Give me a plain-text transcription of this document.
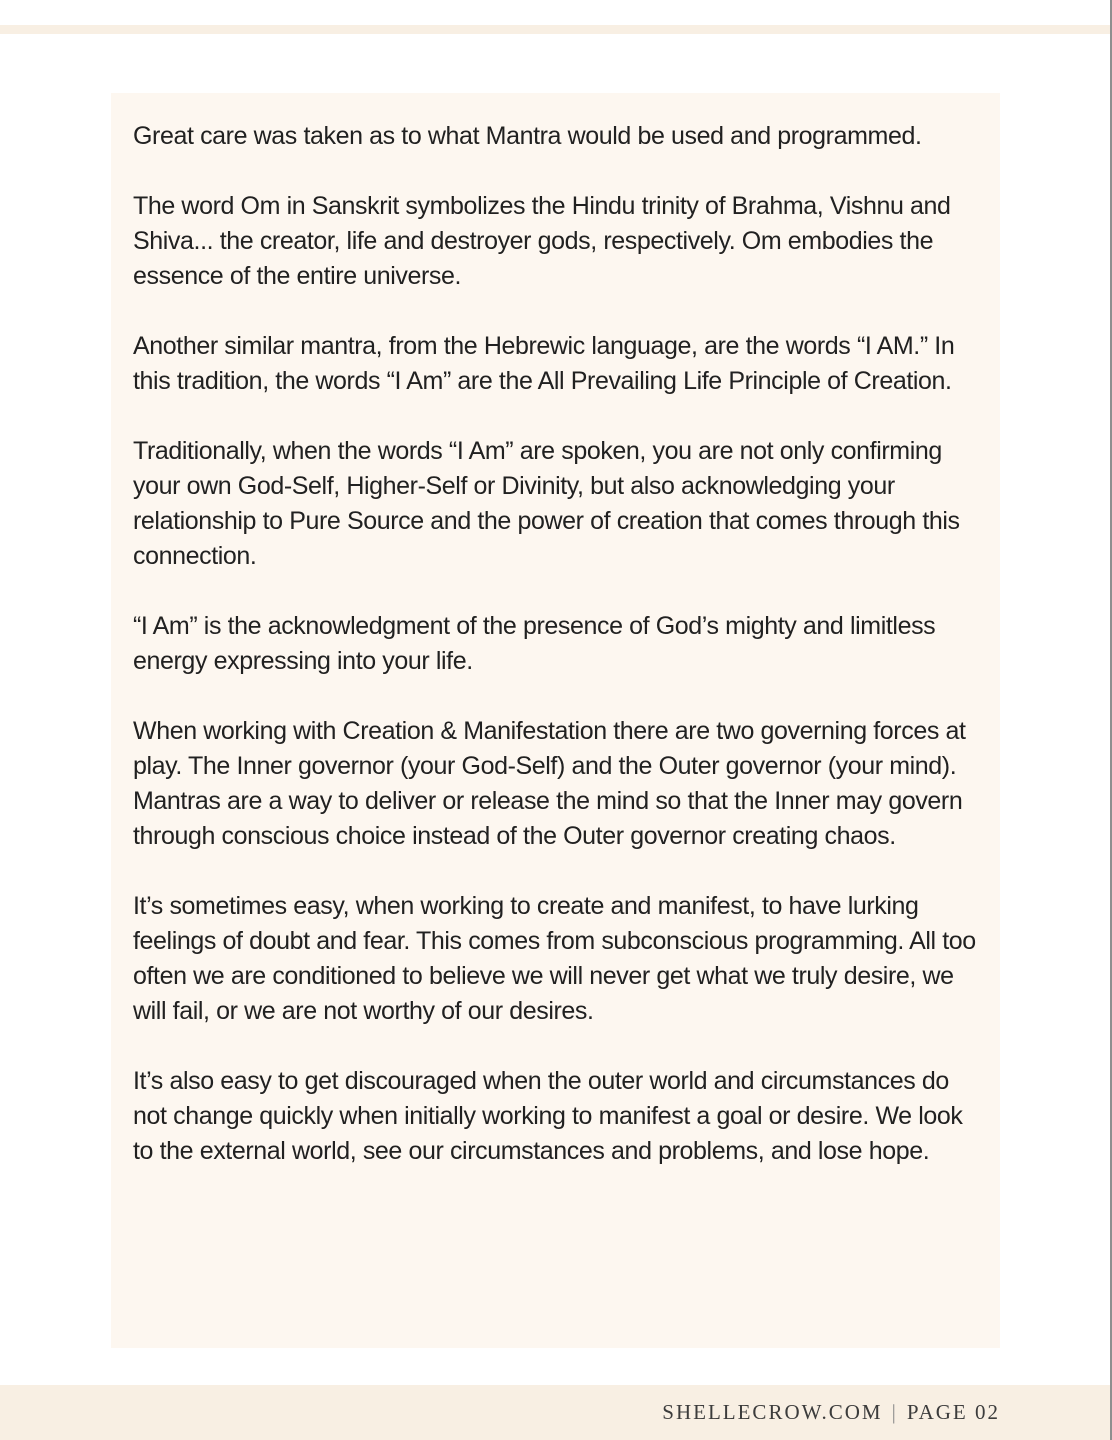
Great care was taken as to what Mantra would be used and programmed.

The word Om in Sanskrit symbolizes the Hindu trinity of Brahma, Vishnu and Shiva... the creator, life and destroyer gods, respectively. Om embodies the essence of the entire universe.

Another similar mantra, from the Hebrewic language, are the words “I AM.” In this tradition, the words “I Am” are the All Prevailing Life Principle of Creation.

Traditionally, when the words “I Am” are spoken, you are not only confirming your own God-Self, Higher-Self or Divinity, but also acknowledging your relationship to Pure Source and the power of creation that comes through this connection.

“I Am” is the acknowledgment of the presence of God’s mighty and limitless energy expressing into your life.

When working with Creation & Manifestation there are two governing forces at play. The Inner governor (your God-Self) and the Outer governor (your mind). Mantras are a way to deliver or release the mind so that the Inner may govern through conscious choice instead of the Outer governor creating chaos.

It’s sometimes easy, when working to create and manifest, to have lurking feelings of doubt and fear. This comes from subconscious programming. All too often we are conditioned to believe we will never get what we truly desire, we will fail, or we are not worthy of our desires.

It’s also easy to get discouraged when the outer world and circumstances do not change quickly when initially working to manifest a goal or desire. We look to the external world, see our circumstances and problems, and lose hope.

SHELLECROW.COM | PAGE 02
